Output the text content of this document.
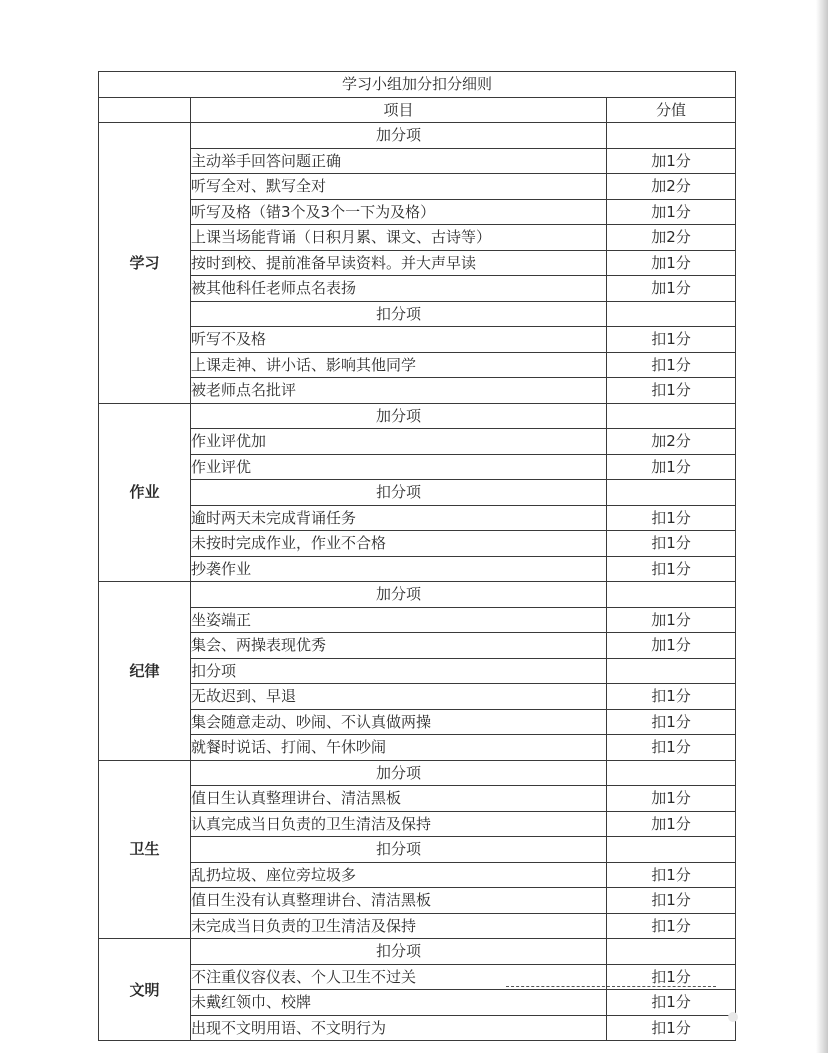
学习小组加分扣分细则		
	项目	分值
学习	加分项	
	主动举手回答问题正确	加1分
	听写全对、默写全对	加2分
	听写及格（错3个及3个一下为及格）	加1分
	上课当场能背诵（日积月累、课文、古诗等）	加2分
	按时到校、提前准备早读资料。并大声早读	加1分
	被其他科任老师点名表扬	加1分
	扣分项	
	听写不及格	扣1分
	上课走神、讲小话、影响其他同学	扣1分
	被老师点名批评	扣1分
作业	加分项	
	作业评优加	加2分
	作业评优	加1分
	扣分项	
	逾时两天未完成背诵任务	扣1分
	未按时完成作业，作业不合格	扣1分
	抄袭作业	扣1分
纪律	加分项	
	坐姿端正	加1分
	集会、两操表现优秀	加1分
	扣分项	
	无故迟到、早退	扣1分
	集会随意走动、吵闹、不认真做两操	扣1分
	就餐时说话、打闹、午休吵闹	扣1分
卫生	加分项	
	值日生认真整理讲台、清洁黑板	加1分
	认真完成当日负责的卫生清洁及保持	加1分
	扣分项	
	乱扔垃圾、座位旁垃圾多	扣1分
	值日生没有认真整理讲台、清洁黑板	扣1分
	未完成当日负责的卫生清洁及保持	扣1分
文明	扣分项	
	不注重仪容仪表、个人卫生不过关	扣1分
	未戴红领巾、校牌	扣1分
	出现不文明用语、不文明行为	扣1分
